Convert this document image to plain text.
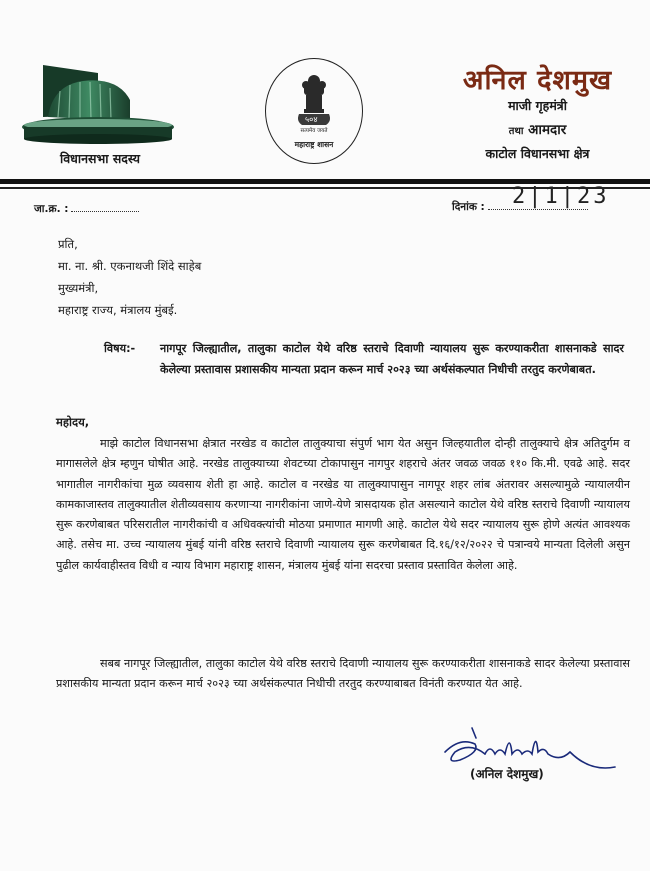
विधानसभा सदस्य
५०४
सत्यमेव जयते
महाराष्ट्र शासन
अनिल देशमुख
माजी गृहमंत्री
तथा आमदार
काटोल विधानसभा क्षेत्र
जा.क्र. :	दिनांक :	2|1|23
प्रति,
मा. ना. श्री. एकनाथजी शिंदे साहेब
मुख्यमंत्री,
महाराष्ट्र राज्य, मंत्रालय मुंबई.
विषय:- नागपूर जिल्ह्यातील, तालुका काटोल येथे वरिष्ठ स्तराचे दिवाणी न्यायालय सुरू करण्याकरीता शासनाकडे सादर केलेल्या प्रस्तावास प्रशासकीय मान्यता प्रदान करून मार्च २०२३ च्या अर्थसंकल्पात निधीची तरतुद करणेबाबत.
महोदय,
माझे काटोल विधानसभा क्षेत्रात नरखेड व काटोल तालुक्याचा संपुर्ण भाग येत असुन जिल्हयातील दोन्ही तालुक्याचे क्षेत्र अतिदुर्गम व मागासलेले क्षेत्र म्हणुन घोषीत आहे. नरखेड तालुक्याच्या शेवटच्या टोकापासुन नागपुर शहराचे अंतर जवळ जवळ ११० कि.मी. एवढे आहे. सदर भागातील नागरीकांचा मुळ व्यवसाय शेती हा आहे. काटोल व नरखेड या तालुक्यापासुन नागपूर शहर लांब अंतरावर असल्यामुळे न्यायालयीन कामकाजास्तव तालुक्यातील शेतीव्यवसाय करणाऱ्या नागरीकांना जाणे-येणे त्रासदायक होत असल्याने काटोल येथे वरिष्ठ स्तराचे दिवाणी न्यायालय सुरू करणेबाबत परिसरातील नागरीकांची व अधिवक्त्यांची मोठया प्रमाणात मागणी आहे. काटोल येथे सदर न्यायालय सुरू होणे अत्यंत आवश्यक आहे. तसेच मा. उच्च न्यायालय मुंबई यांनी वरिष्ठ स्तराचे दिवाणी न्यायालय सुरू करणेबाबत दि.१६/१२/२०२२ चे पत्रान्वये मान्यता दिलेली असुन पुढील कार्यवाहीस्तव विधी व न्याय विभाग महाराष्ट्र शासन, मंत्रालय मुंबई यांना सदरचा प्रस्ताव प्रस्तावित केलेला आहे.
सबब नागपूर जिल्ह्यातील, तालुका काटोल येथे वरिष्ठ स्तराचे दिवाणी न्यायालय सुरू करण्याकरीता शासनाकडे सादर केलेल्या प्रस्तावास प्रशासकीय मान्यता प्रदान करून मार्च २०२३ च्या अर्थसंकल्पात निधीची तरतुद करण्याबाबत विनंती करण्यात येत आहे.
(अनिल देशमुख)
